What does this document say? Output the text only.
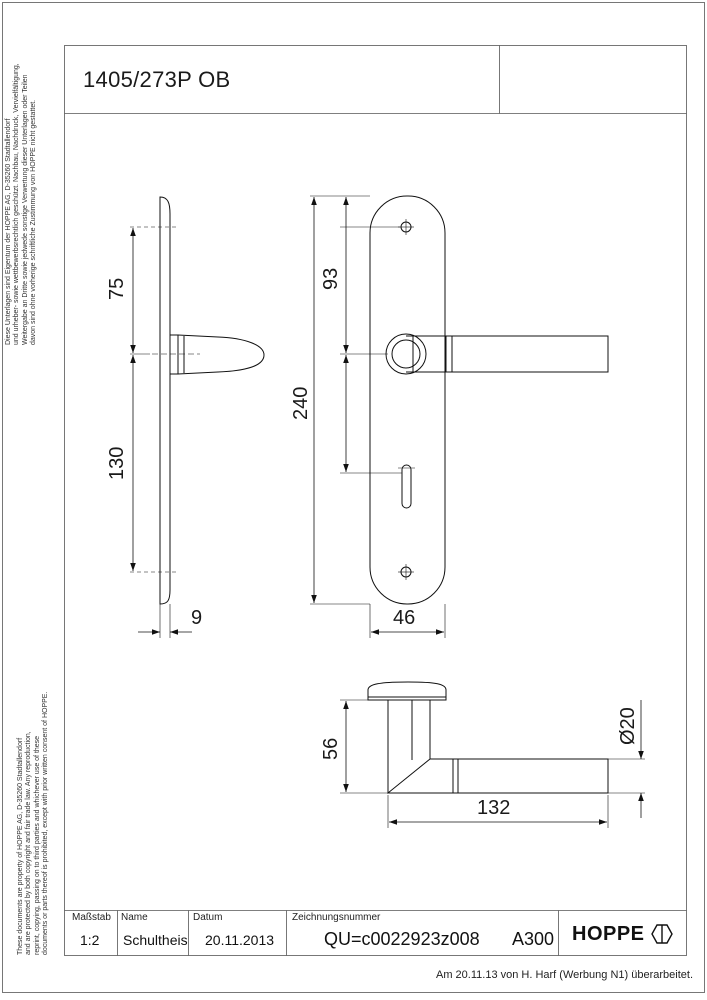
1405/273P OB
Diese Unterlagen sind Eigentum der HOPPE AG, D-35260 Stadtallendorf
und urheber- sowie wettbewerbsrechtlich geschützt. Nachbau, Nachdruck, Vervielfältigung,
Weitergabe an Dritte sowie jedwede sonstige Verwertung dieser Unterlagen oder Teilen
davon sind ohne vorherige schriftliche Zustimmung von HOPPE nicht gestattet.
These documents are property of HOPPE AG, D-35260 Stadtallendorf
and are protected by both copyright and fair trade law. Any reproduction,
reprint, copying, passing on to third parties and whichever use of these
documents or parts thereof is prohibited, except with prior written consent of HOPPE.
75
130
9
93
240
46
56
Ø20
132
Maßstab
1:2
Name
Schultheis
Datum
20.11.2013
Zeichnungsnummer
QU=c0022923z008 A300 HOPPE
Am 20.11.13 von H. Harf (Werbung N1) überarbeitet.
